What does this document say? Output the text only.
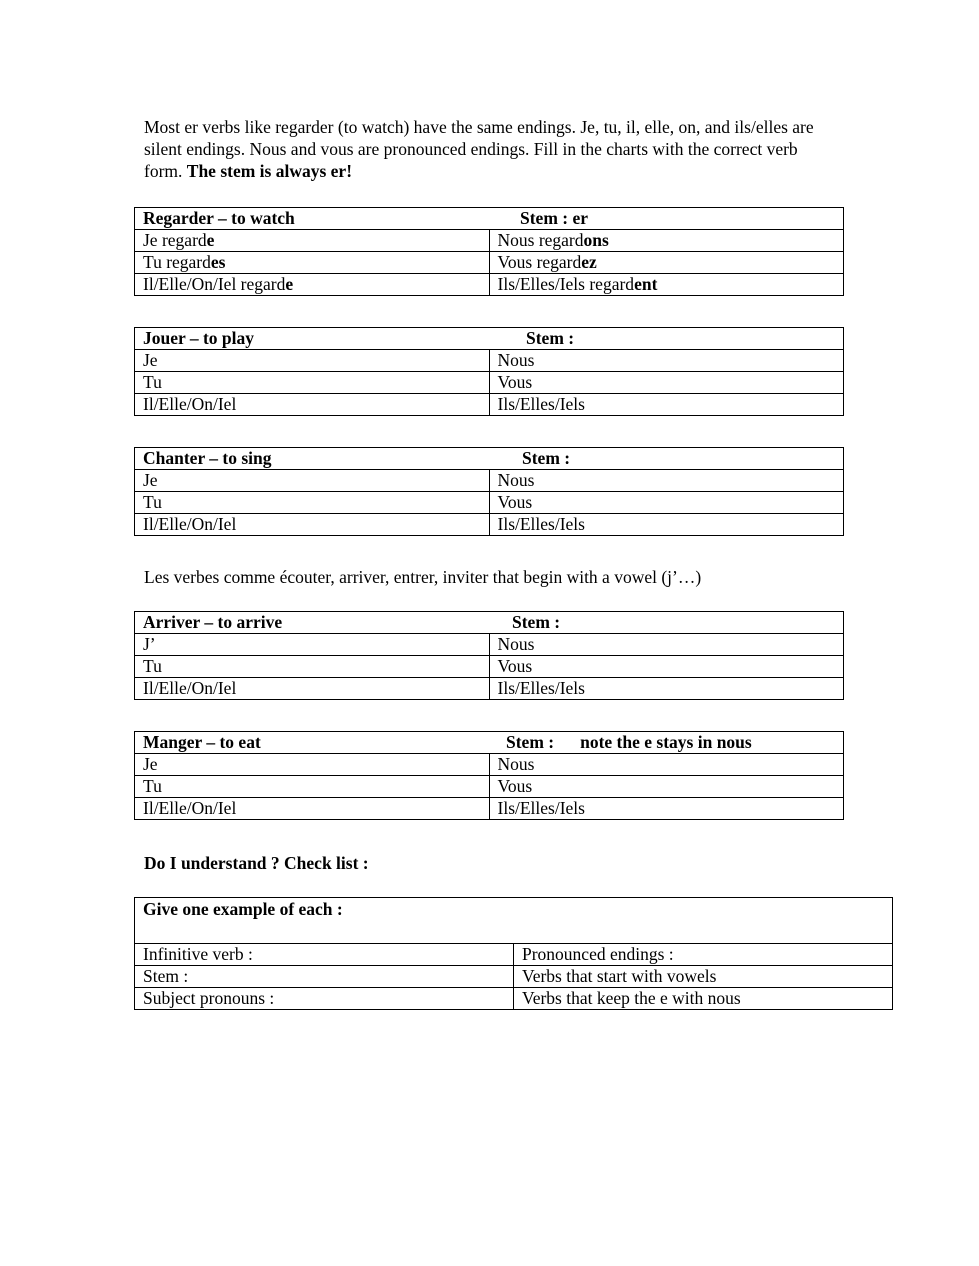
Most er verbs like regarder (to watch) have the same endings. Je, tu, il, elle, on, and ils/elles are silent endings. Nous and vous are pronounced endings. Fill in the charts with the correct verb form. The stem is always er!

Regarder – to watch Stem : er	
Je regarde	Nous regardons
Tu regardes	Vous regardez
Il/Elle/On/Iel regarde	Ils/Elles/Iels regardent
Jouer – to play Stem :	
Je	Nous
Tu	Vous
Il/Elle/On/Iel	Ils/Elles/Iels
Chanter – to sing Stem :	
Je	Nous
Tu	Vous
Il/Elle/On/Iel	Ils/Elles/Iels

Les verbes comme écouter, arriver, entrer, inviter that begin with a vowel (j’…)

Arriver – to arrive Stem :	
J’	Nous
Tu	Vous
Il/Elle/On/Iel	Ils/Elles/Iels
Manger – to eat Stem : note the e stays in nous	
Je	Nous
Tu	Vous
Il/Elle/On/Iel	Ils/Elles/Iels

Do I understand ? Check list :

Give one example of each :	
Infinitive verb :	Pronounced endings :
Stem :	Verbs that start with vowels
Subject pronouns :	Verbs that keep the e with nous
